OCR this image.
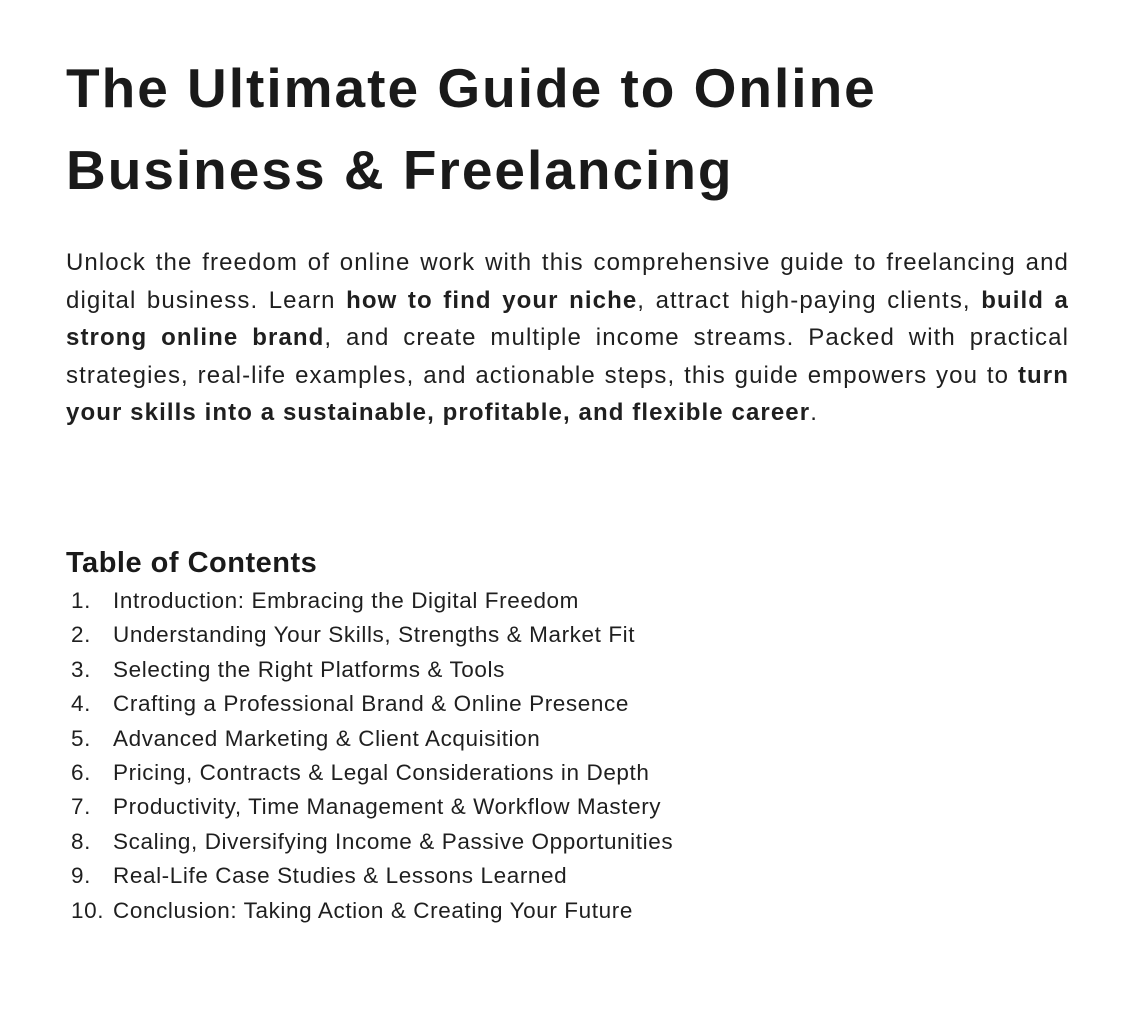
The Ultimate Guide to Online
Business & Freelancing

Unlock the freedom of online work with this comprehensive guide to freelancing and digital business. Learn how to find your niche, attract high-paying clients, build a strong online brand, and create multiple income streams. Packed with practical strategies, real-life examples, and actionable steps, this guide empowers you to turn your skills into a sustainable, profitable, and flexible career.

Table of Contents
1. Introduction: Embracing the Digital Freedom
2. Understanding Your Skills, Strengths & Market Fit
3. Selecting the Right Platforms & Tools
4. Crafting a Professional Brand & Online Presence
5. Advanced Marketing & Client Acquisition
6. Pricing, Contracts & Legal Considerations in Depth
7. Productivity, Time Management & Workflow Mastery
8. Scaling, Diversifying Income & Passive Opportunities
9. Real-Life Case Studies & Lessons Learned
10. Conclusion: Taking Action & Creating Your Future
